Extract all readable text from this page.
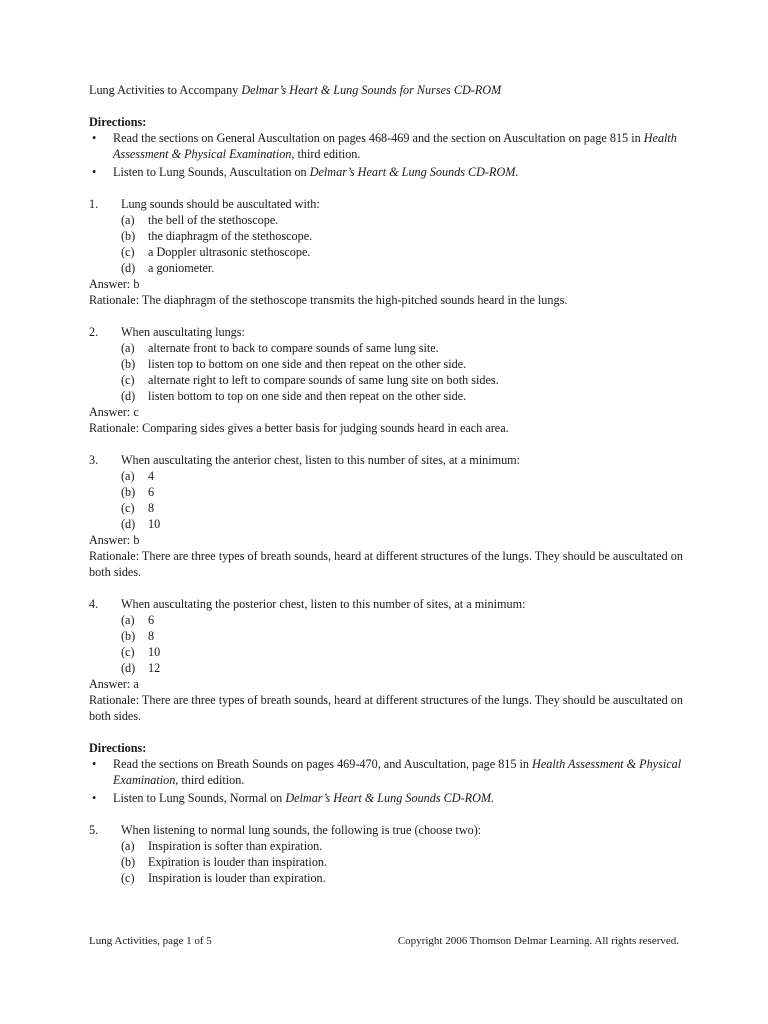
Lung Activities to Accompany Delmar’s Heart & Lung Sounds for Nurses CD-ROM

Directions:

• Read the sections on General Auscultation on pages 468-469 and the section on Auscultation on page 815 in Health Assessment & Physical Examination, third edition.
• Listen to Lung Sounds, Auscultation on Delmar’s Heart & Lung Sounds CD-ROM.
1. Lung sounds should be auscultated with:
(a) the bell of the stethoscope.
(b) the diaphragm of the stethoscope.
(c) a Doppler ultrasonic stethoscope.
(d) a goniometer.
Answer: b
Rationale: The diaphragm of the stethoscope transmits the high-pitched sounds heard in the lungs.
2. When auscultating lungs:
(a) alternate front to back to compare sounds of same lung site.
(b) listen top to bottom on one side and then repeat on the other side.
(c) alternate right to left to compare sounds of same lung site on both sides.
(d) listen bottom to top on one side and then repeat on the other side.
Answer: c
Rationale: Comparing sides gives a better basis for judging sounds heard in each area.
3. When auscultating the anterior chest, listen to this number of sites, at a minimum:
(a) 4
(b) 6
(c) 8
(d) 10
Answer: b
Rationale: There are three types of breath sounds, heard at different structures of the lungs. They should be auscultated on both sides.
4. When auscultating the posterior chest, listen to this number of sites, at a minimum:
(a) 6
(b) 8
(c) 10
(d) 12
Answer: a
Rationale: There are three types of breath sounds, heard at different structures of the lungs. They should be auscultated on both sides.

Directions:

• Read the sections on Breath Sounds on pages 469-470, and Auscultation, page 815 in Health Assessment & Physical Examination, third edition.
• Listen to Lung Sounds, Normal on Delmar’s Heart & Lung Sounds CD-ROM.
5. When listening to normal lung sounds, the following is true (choose two):
(a) Inspiration is softer than expiration.
(b) Expiration is louder than inspiration.
(c) Inspiration is louder than expiration.
Lung Activities, page 1 of 5	Copyright 2006 Thomson Delmar Learning. All rights reserved.
